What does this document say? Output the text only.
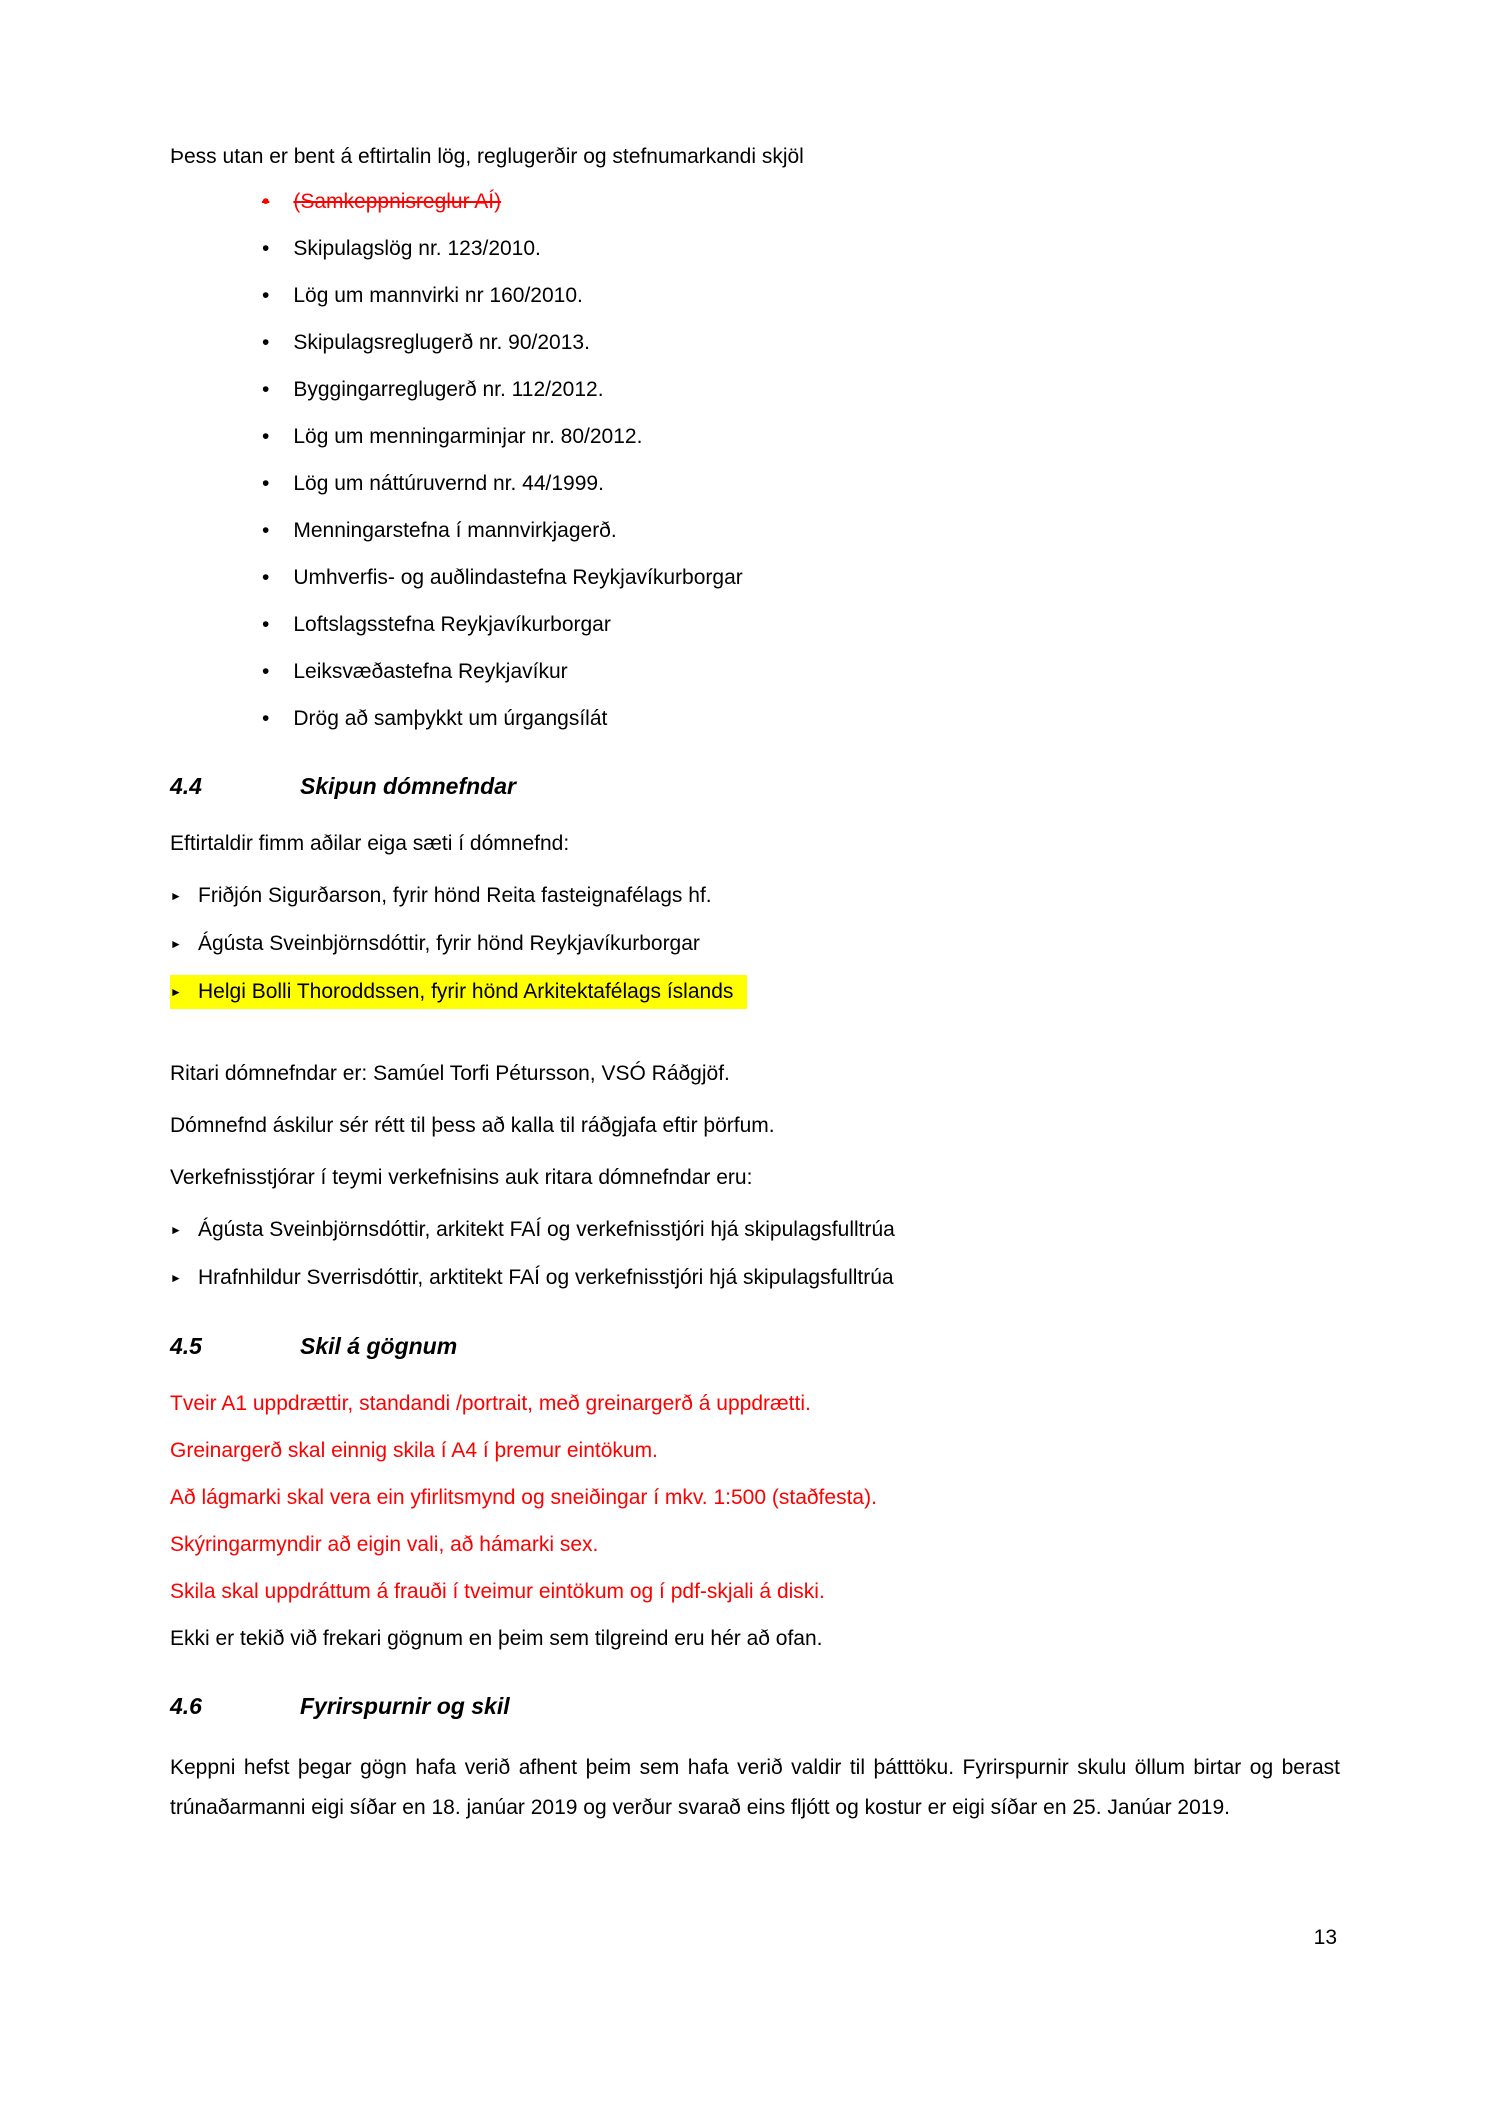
Þess utan er bent á eftirtalin lög, reglugerðir og stefnumarkandi skjöl

• (Samkeppnisreglur AÍ)
• Skipulagslög nr. 123/2010.
• Lög um mannvirki nr 160/2010.
• Skipulagsreglugerð nr. 90/2013.
• Byggingarreglugerð nr. 112/2012.
• Lög um menningarminjar nr. 80/2012.
• Lög um náttúruvernd nr. 44/1999.
• Menningarstefna í mannvirkjagerð.
• Umhverfis- og auðlindastefna Reykjavíkurborgar
• Loftslagsstefna Reykjavíkurborgar
• Leiksvæðastefna Reykjavíkur
• Drög að samþykkt um úrgangsílát
4.4	Skipun dómnefndar

Eftirtaldir fimm aðilar eiga sæti í dómnefnd:

► Friðjón Sigurðarson, fyrir hönd Reita fasteignafélags hf.
► Ágústa Sveinbjörnsdóttir, fyrir hönd Reykjavíkurborgar
► Helgi Bolli Thoroddssen, fyrir hönd Arkitektafélags íslands

Ritari dómnefndar er: Samúel Torfi Pétursson, VSÓ Ráðgjöf.

Dómnefnd áskilur sér rétt til þess að kalla til ráðgjafa eftir þörfum.

Verkefnisstjórar í teymi verkefnisins auk ritara dómnefndar eru:

► Ágústa Sveinbjörnsdóttir, arkitekt FAÍ og verkefnisstjóri hjá skipulagsfulltrúa
► Hrafnhildur Sverrisdóttir, arktitekt FAÍ og verkefnisstjóri hjá skipulagsfulltrúa
4.5	Skil á gögnum

Tveir A1 uppdrættir, standandi /portrait, með greinargerð á uppdrætti.

Greinargerð skal einnig skila í A4 í þremur eintökum.

Að lágmarki skal vera ein yfirlitsmynd og sneiðingar í mkv. 1:500 (staðfesta).

Skýringarmyndir að eigin vali, að hámarki sex.

Skila skal uppdráttum á frauði í tveimur eintökum og í pdf-skjali á diski.

Ekki er tekið við frekari gögnum en þeim sem tilgreind eru hér að ofan.

4.6	Fyrirspurnir og skil

Keppni hefst þegar gögn hafa verið afhent þeim sem hafa verið valdir til þátttöku. Fyrirspurnir skulu öllum birtar og berast trúnaðarmanni eigi síðar en 18. janúar 2019 og verður svarað eins fljótt og kostur er eigi síðar en 25. Janúar 2019.

13
